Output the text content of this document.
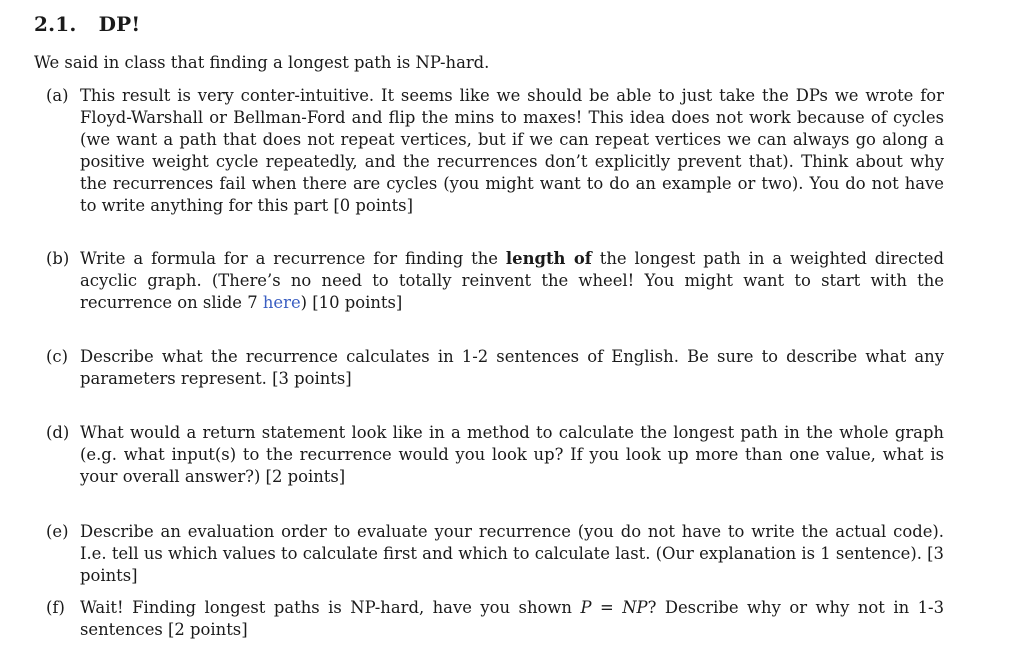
2.1. DP!
We said in class that finding a longest path is NP-hard.
(a) This result is very conter-intuitive. It seems like we should be able to just take the DPs we wrote for Floyd-Warshall or Bellman-Ford and flip the mins to maxes! This idea does not work because of cycles (we want a path that does not repeat vertices, but if we can repeat vertices we can always go along a positive weight cycle repeatedly, and the recurrences don’t explicitly prevent that). Think about why the recurrences fail when there are cycles (you might want to do an example or two). You do not have to write anything for this part [0 points]
(b) Write a formula for a recurrence for finding the length of the longest path in a weighted directed acyclic graph. (There’s no need to totally reinvent the wheel! You might want to start with the recurrence on slide 7 here) [10 points]
(c) Describe what the recurrence calculates in 1-2 sentences of English. Be sure to describe what any parameters represent. [3 points]
(d) What would a return statement look like in a method to calculate the longest path in the whole graph (e.g. what input(s) to the recurrence would you look up? If you look up more than one value, what is your overall answer?) [2 points]
(e) Describe an evaluation order to evaluate your recurrence (you do not have to write the actual code). I.e. tell us which values to calculate first and which to calculate last. (Our explanation is 1 sentence). [3 points]
(f) Wait! Finding longest paths is NP-hard, have you shown P = NP? Describe why or why not in 1-3 sentences [2 points]
